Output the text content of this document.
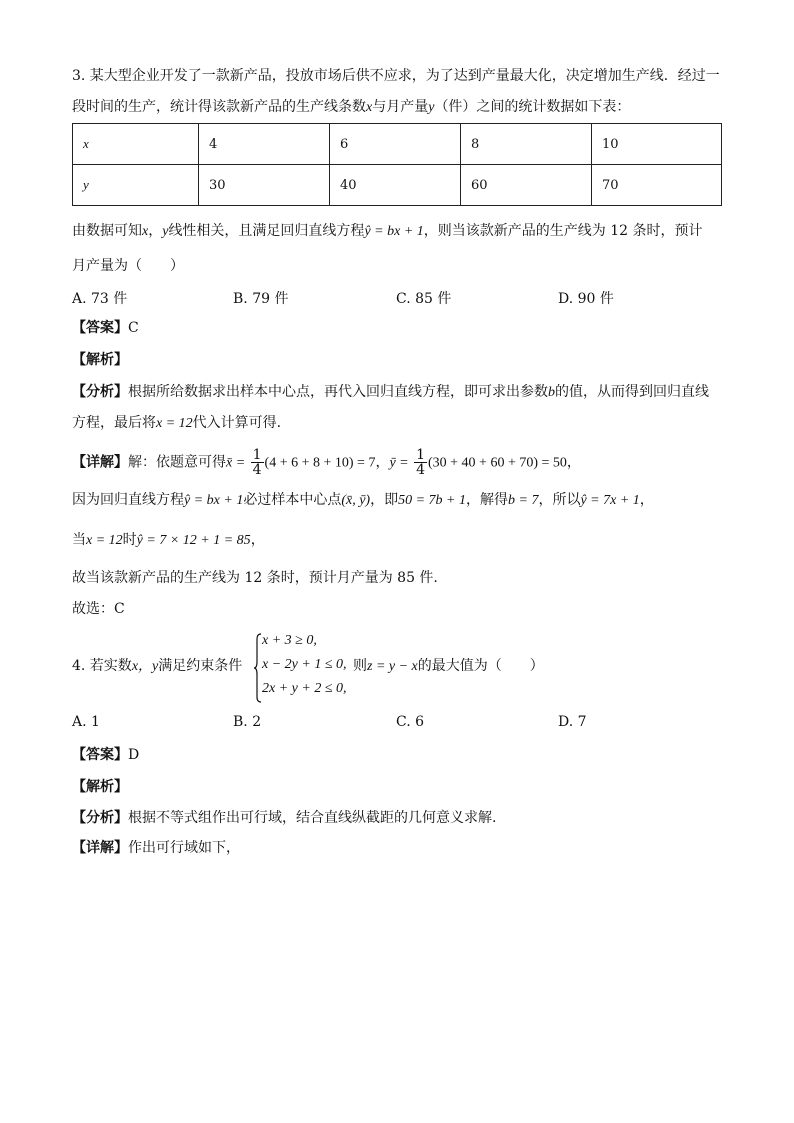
3. 某大型企业开发了一款新产品，投放市场后供不应求，为了达到产量最大化，决定增加生产线．经过一
段时间的生产，统计得该款新产品的生产线条数x与月产量y（件）之间的统计数据如下表：
x	4	6	8	10
y	30	40	60	70
由数据可知x，y线性相关，且满足回归直线方程ŷ = bx + 1，则当该款新产品的生产线为 12 条时，预计
月产量为（　　）
A. 73 件	B. 79 件	C. 85 件	D. 90 件
【答案】C
【解析】
【分析】根据所给数据求出样本中心点，再代入回归直线方程，即可求出参数b的值，从而得到回归直线
方程，最后将x = 12代入计算可得.
【详解】解：依题意可得x̄ = $\frac{1}{4} (4 + 6 + 8 + 10) = 7$，ȳ = $\frac{1}{4} (30 + 40 + 60 + 70) = 50$，
因为回归直线方程ŷ = bx + 1必过样本中心点(x̄, ȳ)，即50 = 7b + 1，解得b = 7，所以ŷ = 7x + 1，
当x = 12时ŷ = 7 × 12 + 1 = 85，
故当该款新产品的生产线为 12 条时，预计月产量为 85 件.
故选：C
4. 若实数x，y满足约束条件
x + 3 ≥ 0,
x − 2y + 1 ≤ 0,
2x + y + 2 ≤ 0,
则z = y − x的最大值为（　　）
A. 1	B. 2	C. 6	D. 7
【答案】D
【解析】
【分析】根据不等式组作出可行域，结合直线纵截距的几何意义求解.
【详解】作出可行域如下，
